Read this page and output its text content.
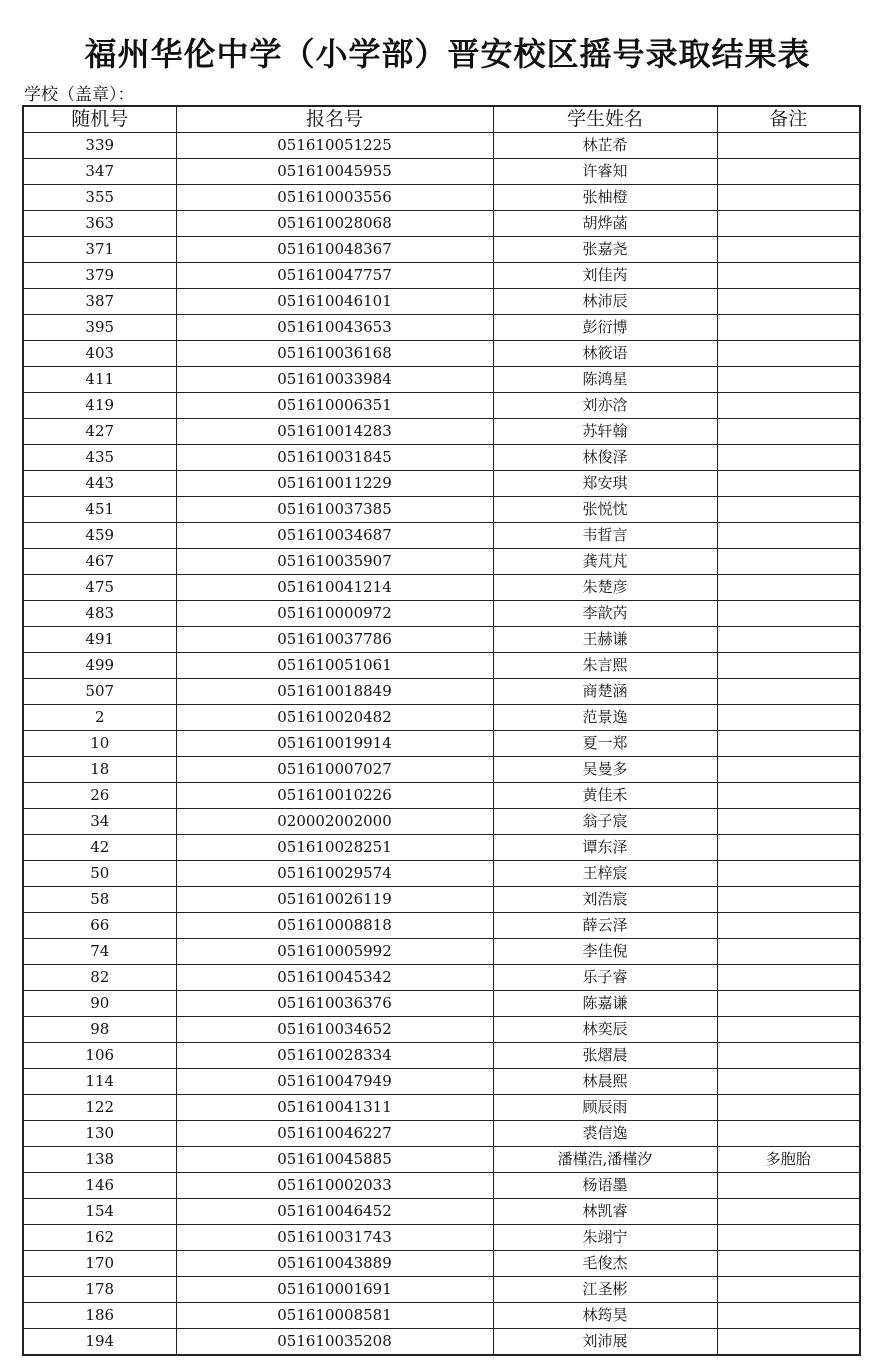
福州华伦中学（小学部）晋安校区摇号录取结果表
学校（盖章）：
随机号	报名号	学生姓名	备注
339	051610051225	林芷希	
347	051610045955	许睿知	
355	051610003556	张柚橙	
363	051610028068	胡烨菡	
371	051610048367	张嘉尧	
379	051610047757	刘佳芮	
387	051610046101	林沛辰	
395	051610043653	彭衍博	
403	051610036168	林筱语	
411	051610033984	陈鸿星	
419	051610006351	刘亦浛	
427	051610014283	苏轩翰	
435	051610031845	林俊泽	
443	051610011229	郑安琪	
451	051610037385	张悦忱	
459	051610034687	韦晢言	
467	051610035907	龚芃芃	
475	051610041214	朱楚彦	
483	051610000972	李歆芮	
491	051610037786	王赫谦	
499	051610051061	朱言熙	
507	051610018849	商楚涵	
2	051610020482	范景逸	
10	051610019914	夏一郑	
18	051610007027	吴曼多	
26	051610010226	黄佳禾	
34	020002002000	翁子宸	
42	051610028251	谭东泽	
50	051610029574	王梓宸	
58	051610026119	刘浩宸	
66	051610008818	薛云泽	
74	051610005992	李佳倪	
82	051610045342	乐子睿	
90	051610036376	陈嘉谦	
98	051610034652	林奕辰	
106	051610028334	张熠晨	
114	051610047949	林晨熙	
122	051610041311	顾辰雨	
130	051610046227	裘信逸	
138	051610045885	潘槿浩,潘槿汐	多胞胎
146	051610002033	杨语墨	
154	051610046452	林凯睿	
162	051610031743	朱翊宁	
170	051610043889	毛俊杰	
178	051610001691	江圣彬	
186	051610008581	林筠昊	
194	051610035208	刘沛展	
